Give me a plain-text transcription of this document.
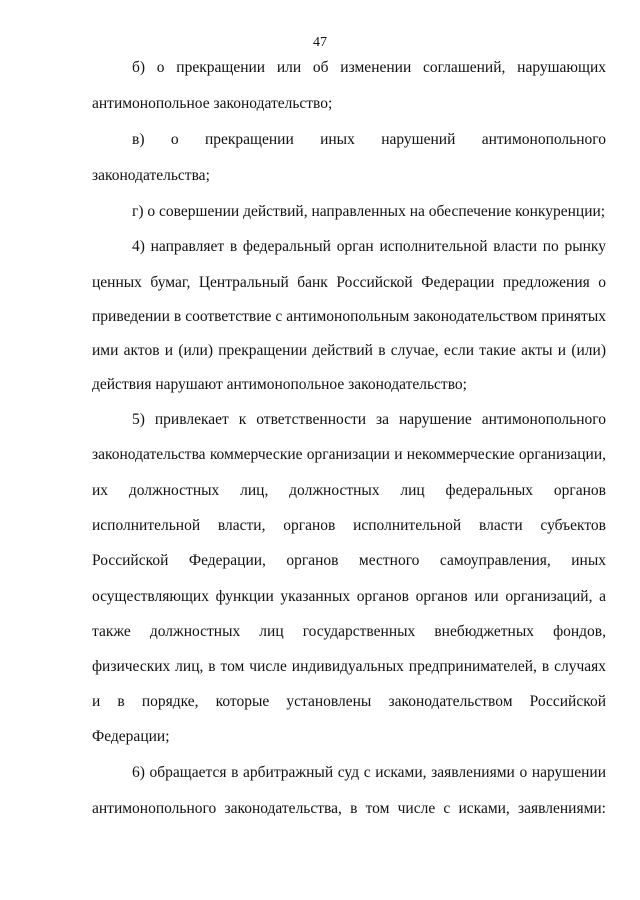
47
б) о прекращении или об изменении соглашений, нарушающих
антимонопольное законодательство;
в) о прекращении иных нарушений антимонопольного
законодательства;
г) о совершении действий, направленных на обеспечение конкуренции;
4) направляет в федеральный орган исполнительной власти по рынку
ценных бумаг, Центральный банк Российской Федерации предложения о
приведении в соответствие с антимонопольным законодательством принятых
ими актов и (или) прекращении действий в случае, если такие акты и (или)
действия нарушают антимонопольное законодательство;
5) привлекает к ответственности за нарушение антимонопольного
законодательства коммерческие организации и некоммерческие организации,
их должностных лиц, должностных лиц федеральных органов
исполнительной власти, органов исполнительной власти субъектов
Российской Федерации, органов местного самоуправления, иных
осуществляющих функции указанных органов органов или организаций, а
также должностных лиц государственных внебюджетных фондов,
физических лиц, в том числе индивидуальных предпринимателей, в случаях
и в порядке, которые установлены законодательством Российской
Федерации;
6) обращается в арбитражный суд с исками, заявлениями о нарушении
антимонопольного законодательства, в том числе с исками, заявлениями:
